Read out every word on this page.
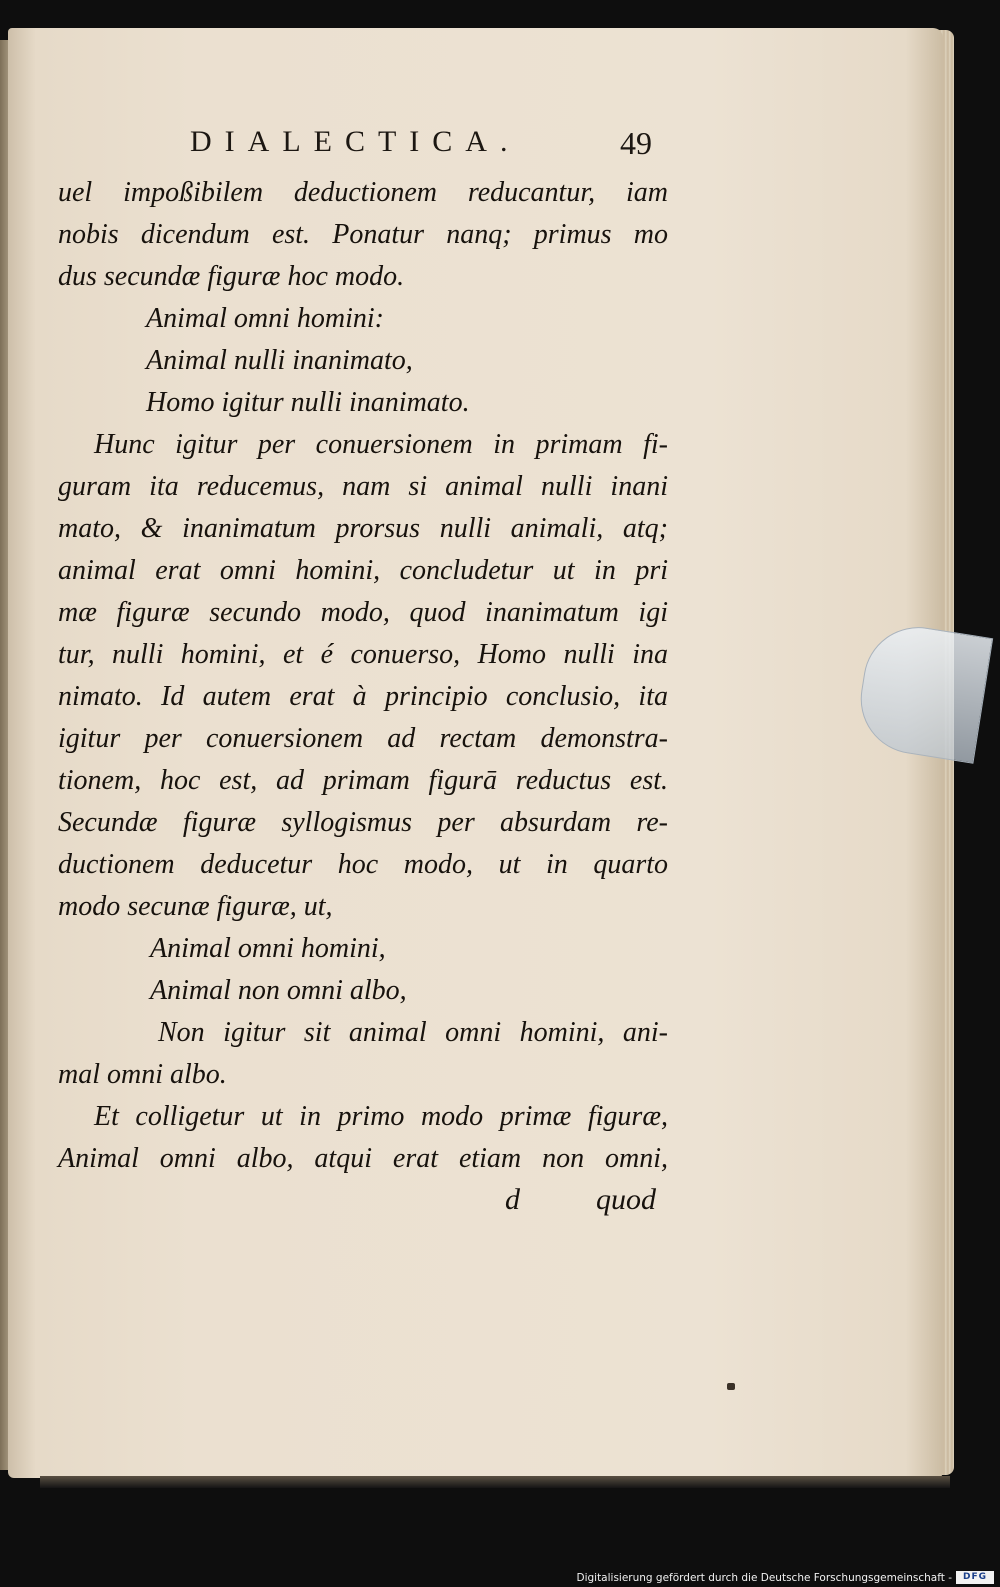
DIALECTICA.	49
uel impoßibilem deductionem reducantur, iam
nobis dicendum est. Ponatur nanq; primus mo
dus secundæ figuræ hoc modo.
Animal omni homini:
Animal nulli inanimato,
Homo igitur nulli inanimato.
Hunc igitur per conuersionem in primam fi-
guram ita reducemus, nam si animal nulli inani
mato, & inanimatum prorsus nulli animali, atq;
animal erat omni homini, concludetur ut in pri
mæ figuræ secundo modo, quod inanimatum igi
tur, nulli homini, et é conuerso, Homo nulli ina
nimato. Id autem erat à principio conclusio, ita
igitur per conuersionem ad rectam demonstra-
tionem, hoc est, ad primam figurā reductus est.
Secundæ figuræ syllogismus per absurdam re-
ductionem deducetur hoc modo, ut in quarto
modo secunæ figuræ, ut,
Animal omni homini,
Animal non omni albo,
Non igitur sit animal omni homini, ani-
mal omni albo.
Et colligetur ut in primo modo primæ figuræ,
Animal omni albo, atqui erat etiam non omni,
d	quod
Digitalisierung gefördert durch die Deutsche Forschungsgemeinschaft -	DFG
